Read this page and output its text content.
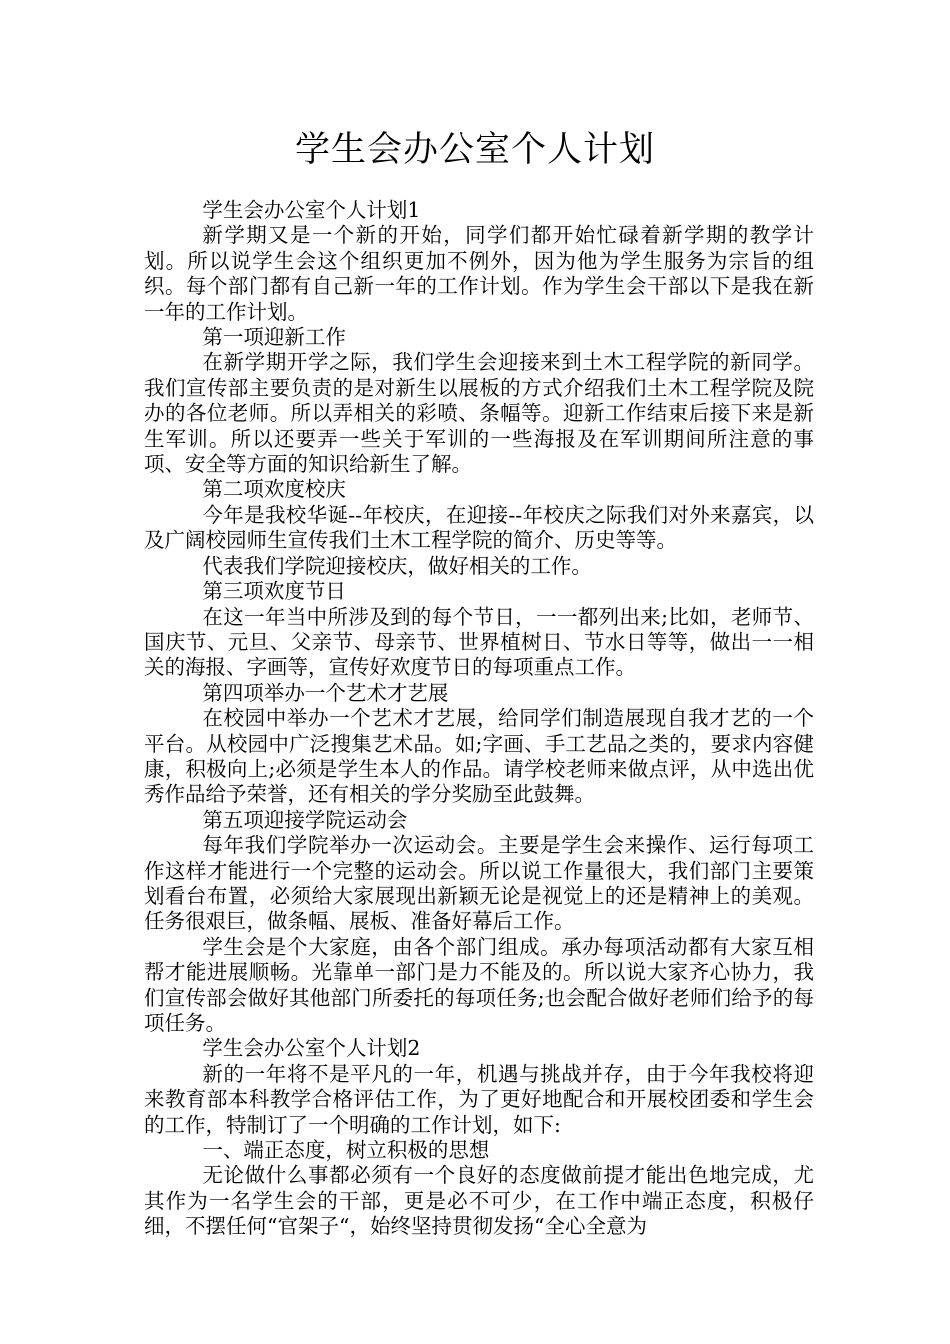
学生会办公室个人计划

学生会办公室个人计划1

新学期又是一个新的开始，同学们都开始忙碌着新学期的教学计划。所以说学生会这个组织更加不例外，因为他为学生服务为宗旨的组织。每个部门都有自己新一年的工作计划。作为学生会干部以下是我在新一年的工作计划。

第一项迎新工作

在新学期开学之际，我们学生会迎接来到土木工程学院的新同学。我们宣传部主要负责的是对新生以展板的方式介绍我们土木工程学院及院办的各位老师。所以弄相关的彩喷、条幅等。迎新工作结束后接下来是新生军训。所以还要弄一些关于军训的一些海报及在军训期间所注意的事项、安全等方面的知识给新生了解。

第二项欢度校庆

今年是我校华诞--年校庆，在迎接--年校庆之际我们对外来嘉宾，以及广阔校园师生宣传我们土木工程学院的简介、历史等等。

代表我们学院迎接校庆，做好相关的工作。

第三项欢度节日

在这一年当中所涉及到的每个节日，一一都列出来;比如，老师节、国庆节、元旦、父亲节、母亲节、世界植树日、节水日等等，做出一一相关的海报、字画等，宣传好欢度节日的每项重点工作。

第四项举办一个艺术才艺展

在校园中举办一个艺术才艺展，给同学们制造展现自我才艺的一个平台。从校园中广泛搜集艺术品。如;字画、手工艺品之类的，要求内容健康，积极向上;必须是学生本人的作品。请学校老师来做点评，从中选出优秀作品给予荣誉，还有相关的学分奖励至此鼓舞。

第五项迎接学院运动会

每年我们学院举办一次运动会。主要是学生会来操作、运行每项工作这样才能进行一个完整的运动会。所以说工作量很大，我们部门主要策划看台布置，必须给大家展现出新颖无论是视觉上的还是精神上的美观。任务很艰巨，做条幅、展板、准备好幕后工作。

学生会是个大家庭，由各个部门组成。承办每项活动都有大家互相帮才能进展顺畅。光靠单一部门是力不能及的。所以说大家齐心协力，我们宣传部会做好其他部门所委托的每项任务;也会配合做好老师们给予的每项任务。

学生会办公室个人计划2

新的一年将不是平凡的一年，机遇与挑战并存，由于今年我校将迎来教育部本科教学合格评估工作，为了更好地配合和开展校团委和学生会的工作，特制订了一个明确的工作计划，如下:

一、端正态度，树立积极的思想

无论做什么事都必须有一个良好的态度做前提才能出色地完成，尤其作为一名学生会的干部，更是必不可少，在工作中端正态度，积极仔细，不摆任何“官架子“，始终坚持贯彻发扬“全心全意为
